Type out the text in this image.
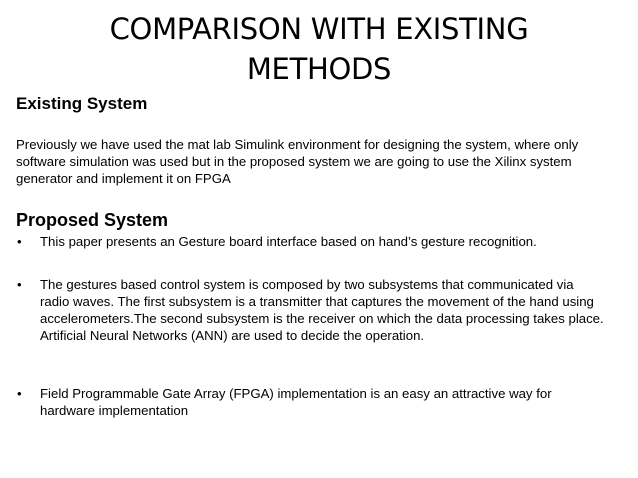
COMPARISON WITH EXISTING METHODS
Existing System

Previously we have used the mat lab Simulink environment for designing the system, where only software simulation was used but in the proposed system we are going to use the Xilinx system generator and implement it on FPGA

Proposed System
•	This paper presents an Gesture board interface based on hand’s gesture recognition.
•	The gestures based control system is composed by two subsystems that communicated via radio waves. The first subsystem is a transmitter that captures the movement of the hand using accelerometers.The second subsystem is the receiver on which the data processing takes place. Artificial Neural Networks (ANN) are used to decide the operation.
•	Field Programmable Gate Array (FPGA) implementation is an easy an attractive way for hardware implementation
